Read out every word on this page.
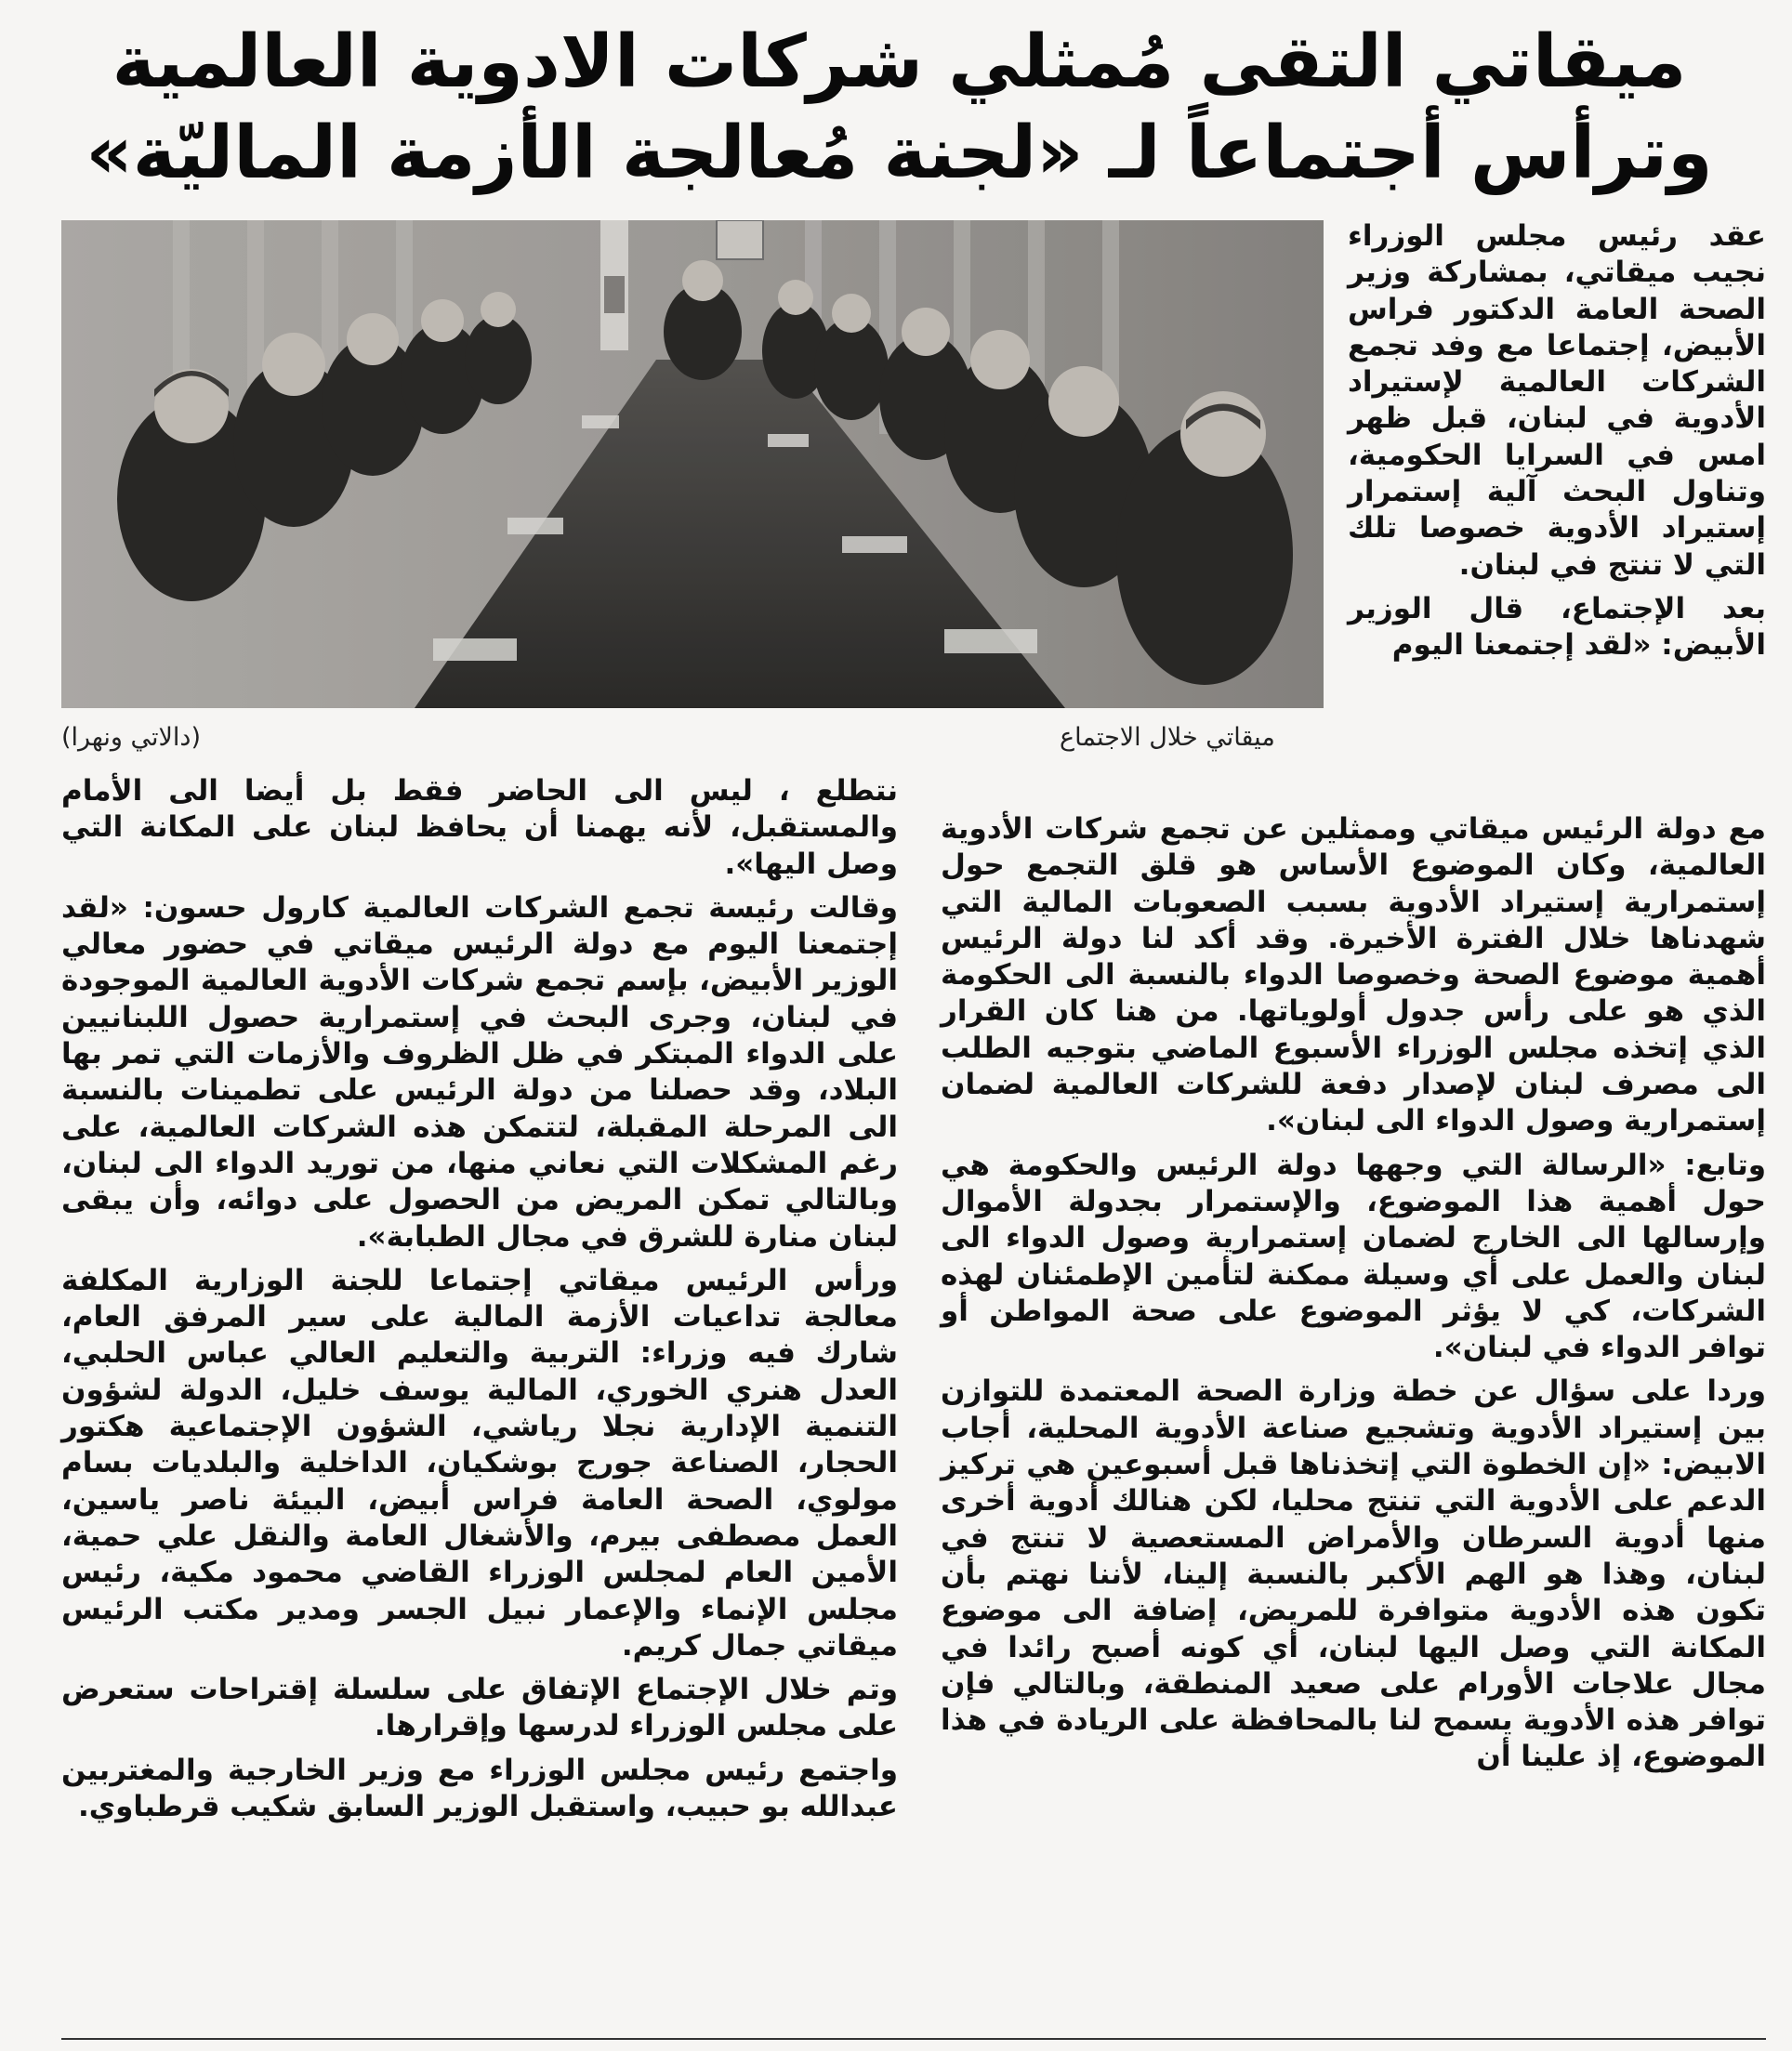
ميقاتي التقى مُمثلي شركات الادوية العالمية
وترأس أجتماعاً لـ «لجنة مُعالجة الأزمة الماليّة»
ميقاتي خلال الاجتماع
(دالاتي ونهرا)

عقد رئيس مجلس الوزراء نجيب ميقاتي، بمشاركة وزير الصحة العامة الدكتور فراس الأبيض، إجتماعا مع وفد تجمع الشركات العالمية لإستيراد الأدوية في لبنان، قبل ظهر امس في السرايا الحكومية، وتناول البحث آلية إستمرار إستيراد الأدوية خصوصا تلك التي لا تنتج في لبنان.

بعد الإجتماع، قال الوزير الأبيض: «لقد إجتمعنا اليوم

مع دولة الرئيس ميقاتي وممثلين عن تجمع شركات الأدوية العالمية، وكان الموضوع الأساس هو قلق التجمع حول إستمرارية إستيراد الأدوية بسبب الصعوبات المالية التي شهدناها خلال الفترة الأخيرة. وقد أكد لنا دولة الرئيس أهمية موضوع الصحة وخصوصا الدواء بالنسبة الى الحكومة الذي هو على رأس جدول أولوياتها. من هنا كان القرار الذي إتخذه مجلس الوزراء الأسبوع الماضي بتوجيه الطلب الى مصرف لبنان لإصدار دفعة للشركات العالمية لضمان إستمرارية وصول الدواء الى لبنان».

وتابع: «الرسالة التي وجهها دولة الرئيس والحكومة هي حول أهمية هذا الموضوع، والإستمرار بجدولة الأموال وإرسالها الى الخارج لضمان إستمرارية وصول الدواء الى لبنان والعمل على أي وسيلة ممكنة لتأمين الإطمئنان لهذه الشركات، كي لا يؤثر الموضوع على صحة المواطن أو توافر الدواء في لبنان».

وردا على سؤال عن خطة وزارة الصحة المعتمدة للتوازن بين إستيراد الأدوية وتشجيع صناعة الأدوية المحلية، أجاب الابيض: «إن الخطوة التي إتخذناها قبل أسبوعين هي تركيز الدعم على الأدوية التي تنتج محليا، لكن هنالك أدوية أخرى منها أدوية السرطان والأمراض المستعصية لا تنتج في لبنان، وهذا هو الهم الأكبر بالنسبة إلينا، لأننا نهتم بأن تكون هذه الأدوية متوافرة للمريض، إضافة الى موضوع المكانة التي وصل اليها لبنان، أي كونه أصبح رائدا في مجال علاجات الأورام على صعيد المنطقة، وبالتالي فإن توافر هذه الأدوية يسمح لنا بالمحافظة على الريادة في هذا الموضوع، إذ علينا أن

نتطلع ، ليس الى الحاضر فقط بل أيضا الى الأمام والمستقبل، لأنه يهمنا أن يحافظ لبنان على المكانة التي وصل اليها».

وقالت رئيسة تجمع الشركات العالمية كارول حسون: «لقد إجتمعنا اليوم مع دولة الرئيس ميقاتي في حضور معالي الوزير الأبيض، بإسم تجمع شركات الأدوية العالمية الموجودة في لبنان، وجرى البحث في إستمرارية حصول اللبنانيين على الدواء المبتكر في ظل الظروف والأزمات التي تمر بها البلاد، وقد حصلنا من دولة الرئيس على تطمينات بالنسبة الى المرحلة المقبلة، لتتمكن هذه الشركات العالمية، على رغم المشكلات التي نعاني منها، من توريد الدواء الى لبنان، وبالتالي تمكن المريض من الحصول على دوائه، وأن يبقى لبنان منارة للشرق في مجال الطبابة».

ورأس الرئيس ميقاتي إجتماعا للجنة الوزارية المكلفة معالجة تداعيات الأزمة المالية على سير المرفق العام، شارك فيه وزراء: التربية والتعليم العالي عباس الحلبي، العدل هنري الخوري، المالية يوسف خليل، الدولة لشؤون التنمية الإدارية نجلا رياشي، الشؤون الإجتماعية هكتور الحجار، الصناعة جورج بوشكيان، الداخلية والبلديات بسام مولوي، الصحة العامة فراس أبيض، البيئة ناصر ياسين، العمل مصطفى بيرم، والأشغال العامة والنقل علي حمية، الأمين العام لمجلس الوزراء القاضي محمود مكية، رئيس مجلس الإنماء والإعمار نبيل الجسر ومدير مكتب الرئيس ميقاتي جمال كريم.

وتم خلال الإجتماع الإتفاق على سلسلة إقتراحات ستعرض على مجلس الوزراء لدرسها وإقرارها.

واجتمع رئيس مجلس الوزراء مع وزير الخارجية والمغتربين عبدالله بو حبيب، واستقبل الوزير السابق شكيب قرطباوي.
